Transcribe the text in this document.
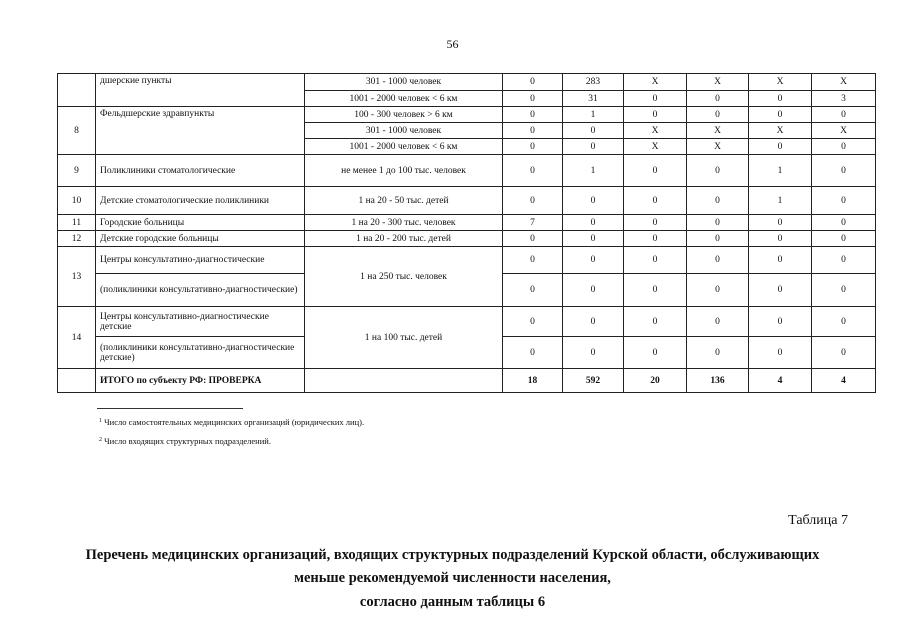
56
	дшерские пункты	301 - 1000 человек	0	283	X	X	X	X
		1001 - 2000 человек < 6 км	0	31	0	0	0	3
8	Фельдшерские здравпункты	100 - 300 человек > 6 км	0	1	0	0	0	0
		301 - 1000 человек	0	0	X	X	X	X
		1001 - 2000 человек < 6 км	0	0	X	X	0	0
9	Поликлиники стоматологические	не менее 1 до 100 тыс. человек	0	1	0	0	1	0
10	Детские стоматологические поликлиники	1 на 20 - 50 тыс. детей	0	0	0	0	1	0
11	Городские больницы	1 на 20 - 300 тыс. человек	7	0	0	0	0	0
12	Детские городские больницы	1 на 20 - 200 тыс. детей	0	0	0	0	0	0
13	Центры консультатино-диагностические	1 на 250 тыс. человек	0	0	0	0	0	0
	(поликлиники консультативно-диагностические)		0	0	0	0	0	0
14	Центры консультативно-диагностические детские	1 на 100 тыс. детей	0	0	0	0	0	0
	(поликлиники консультативно-диагностические детские)		0	0	0	0	0	0
	ИТОГО по субъекту РФ: ПРОВЕРКА		18	592	20	136	4	4
$^1$ Число самостоятельных медицинских организаций (юридических лиц).
$^2$ Число входящих структурных подразделений.
Таблица 7
Перечень медицинских организаций, входящих структурных подразделений Курской области, обслуживающих
меньше рекомендуемой численности населения,
согласно данным таблицы 6
